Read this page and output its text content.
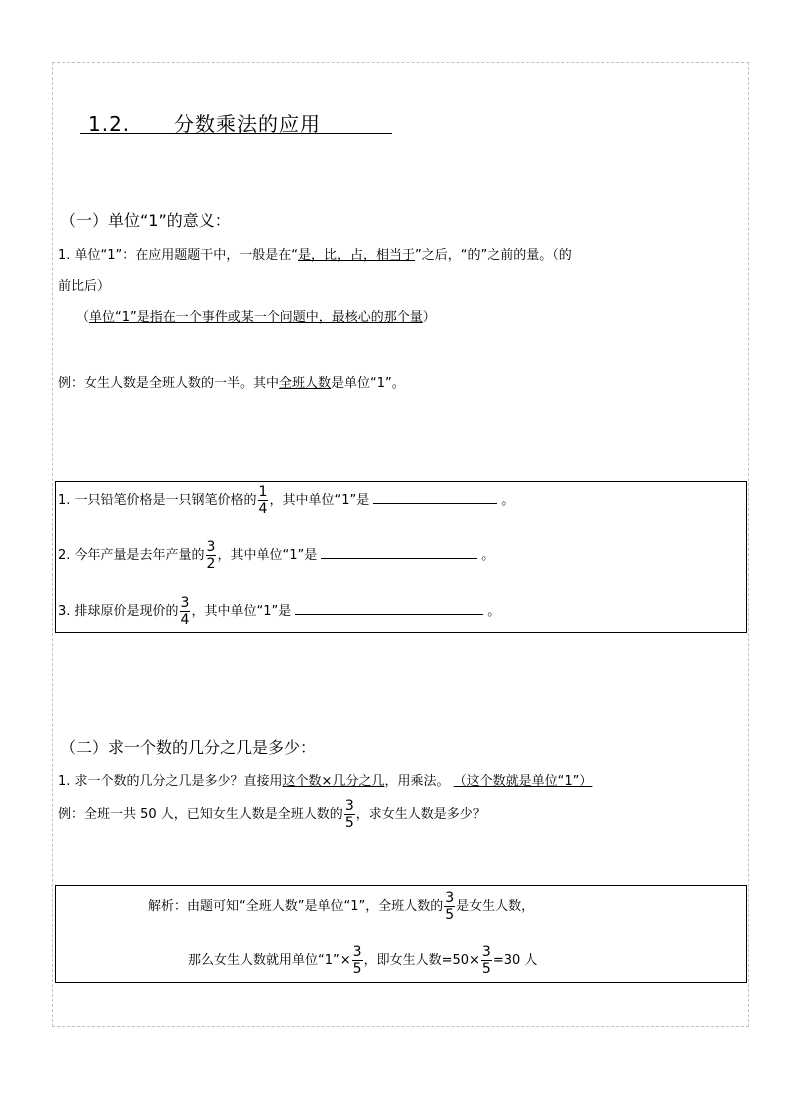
1.2. 分数乘法的应用
（一）单位“1”的意义：
1. 单位“1”：在应用题题干中，一般是在“是，比，占，相当于”之后，“的”之前的量。（的
前比后）
（单位“1”是指在一个事件或某一个问题中，最核心的那个量）
例：女生人数是全班人数的一半。其中全班人数是单位“1”。
1. 一只铅笔价格是一只钢笔价格的 $\frac{1}{4}$ ，其中单位“1”是	。
2. 今年产量是去年产量的 $\frac{3}{2}$ ，其中单位“1”是	。
3. 排球原价是现价的 $\frac{3}{4}$ ，其中单位“1”是	。
（二）求一个数的几分之几是多少：
1. 求一个数的几分之几是多少？直接用这个数×几分之几，用乘法。 （这个数就是单位“1”）
例：全班一共 50 人，已知女生人数是全班人数的 $\frac{3}{5}$ ，求女生人数是多少？
解析：由题可知“全班人数”是单位“1”，全班人数的 $\frac{3}{5}$ 是女生人数，
那么女生人数就用单位“1”× $\frac{3}{5}$ ，即女生人数$=50\times \frac{3}{5} =30$ 人
